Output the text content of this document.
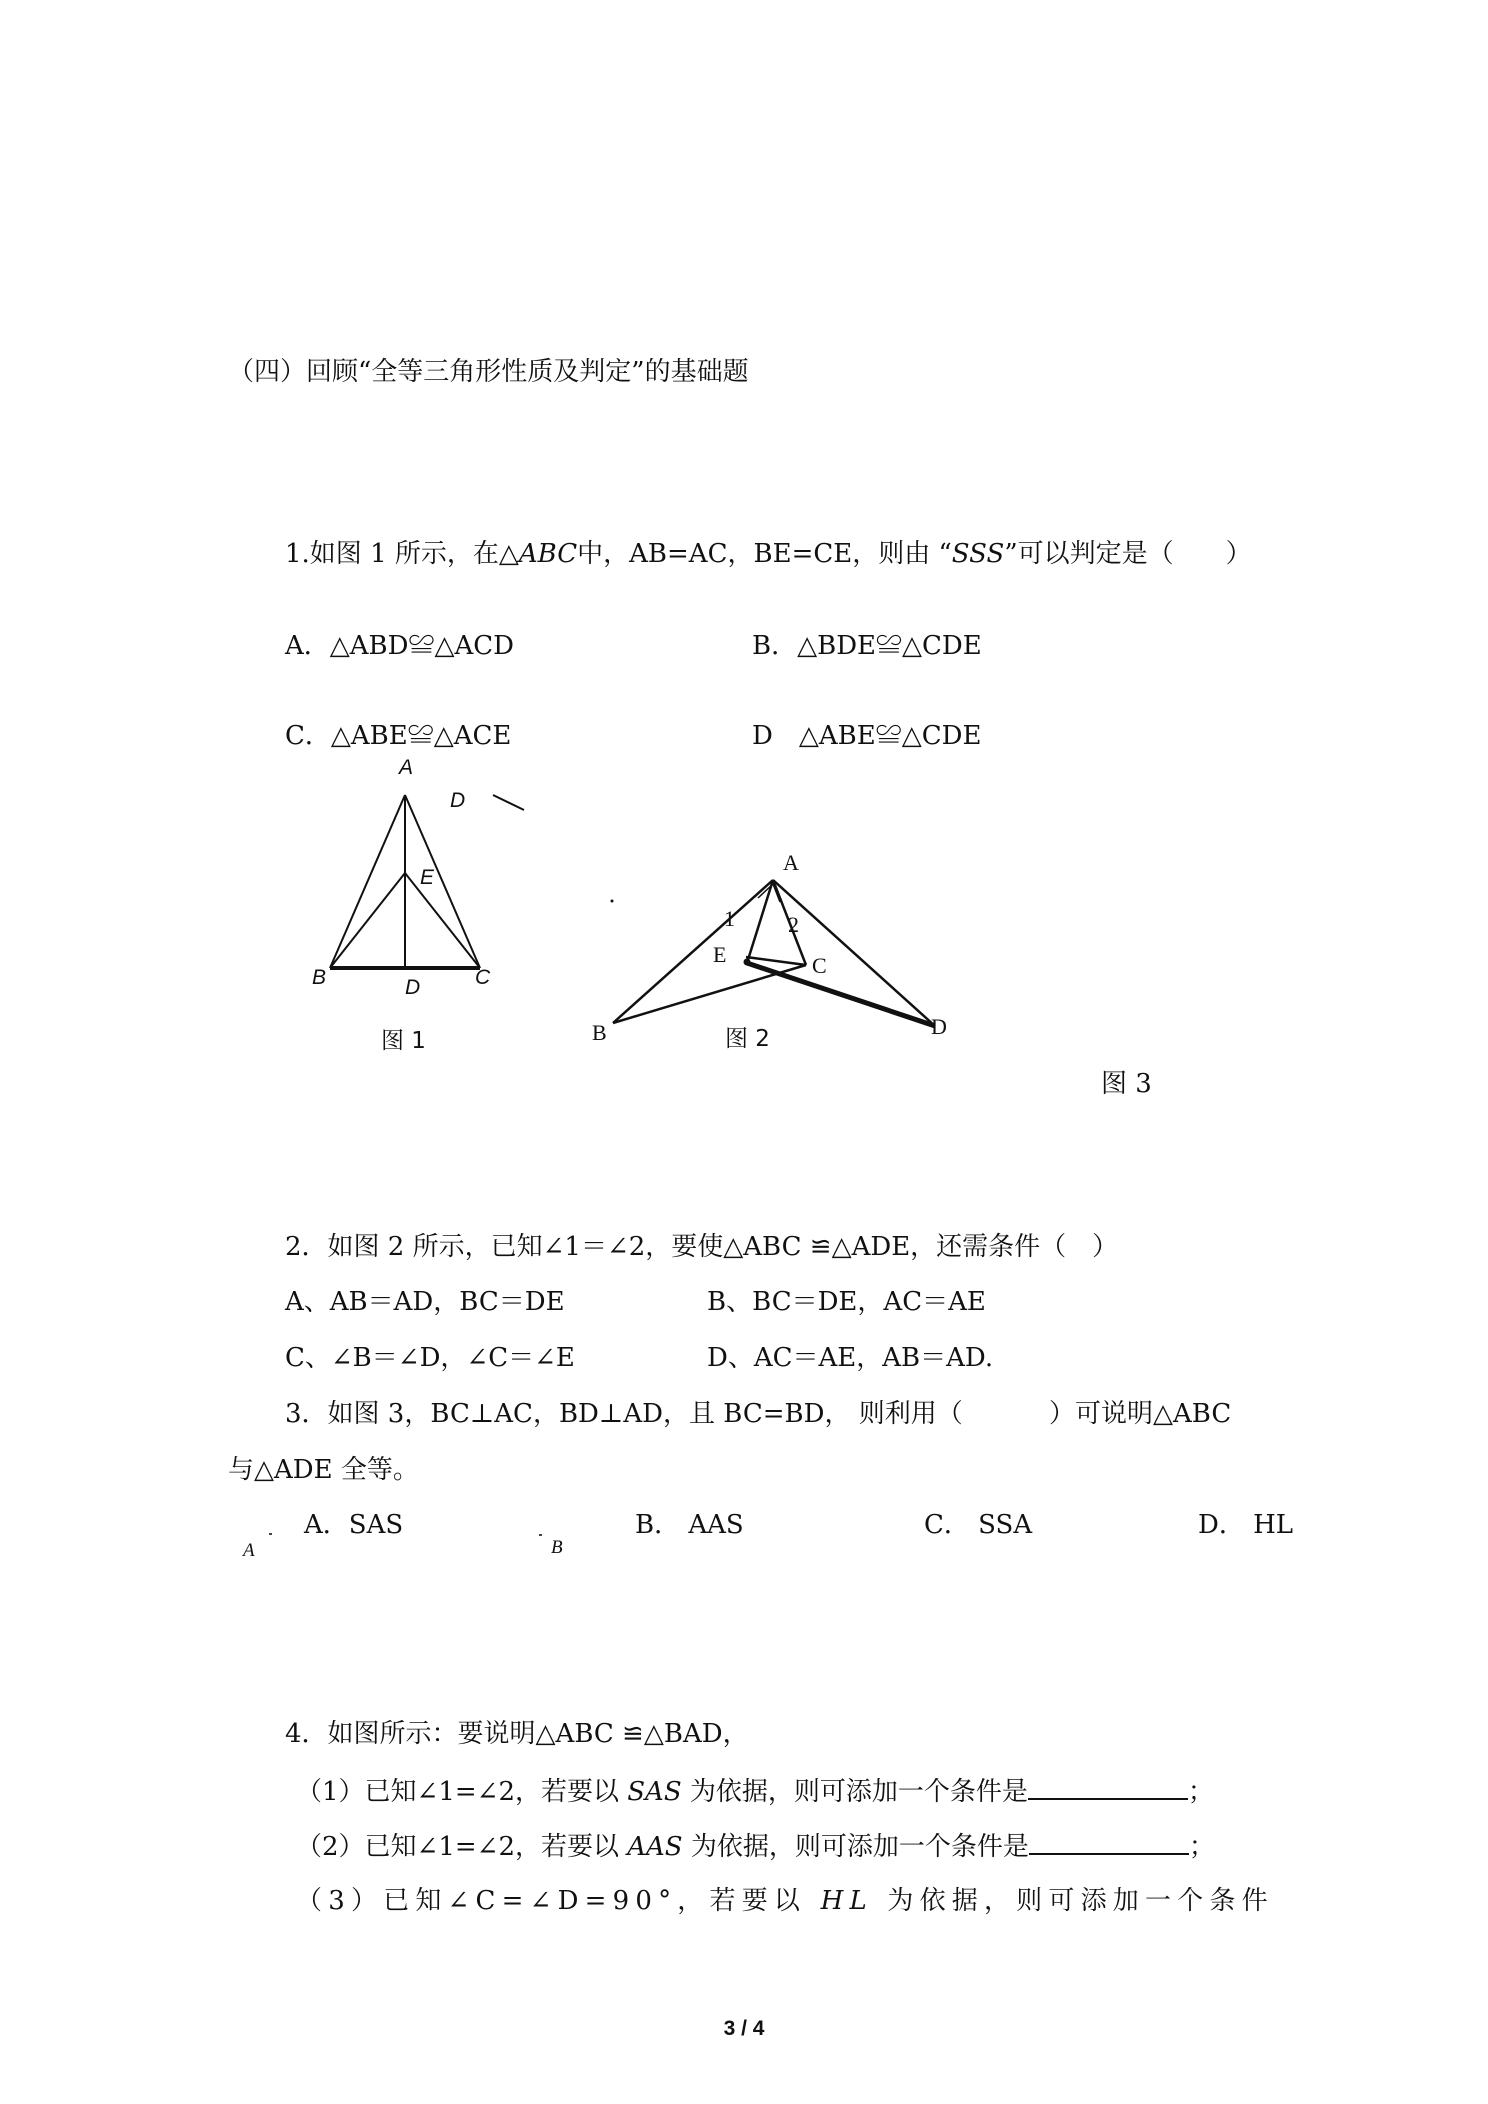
（四）回顾“全等三角形性质及判定”的基础题
1.如图 1 所示，在△ABC中，AB=AC，BE=CE，则由 “SSS”可以判定是（　　）
A．△ABD≌△ACD	B．△BDE≌△CDE
C．△ABE≌△ACE	D　△ABE≌△CDE
A
E
B	D	C
D
图 1
A
1 2
E	C
B	D
图 2
图 3
2．如图 2 所示，已知∠1＝∠2，要使△ABC ≌△ADE，还需条件（　）
A、AB＝AD，BC＝DE	B、BC＝DE，AC＝AE
C、∠B＝∠D，∠C＝∠E	D、AC＝AE，AB＝AD.
3．如图 3，BC⊥AC，BD⊥AD，且 BC=BD， 则利用（　　　 ）可说明△ABC
与△ADE 全等。
A．SAS	B． AAS	C． SSA	D． HL
A	B
4．如图所示：要说明△ABC ≌△BAD，
（1）已知∠1=∠2，若要以 SAS 为依据，则可添加一个条件是	；
（2）已知∠1=∠2，若要以 AAS 为依据，则可添加一个条件是	；
（3）已知∠C=∠D=90°，若要以 HL 为依据，则可添加一个条件
3 / 4
